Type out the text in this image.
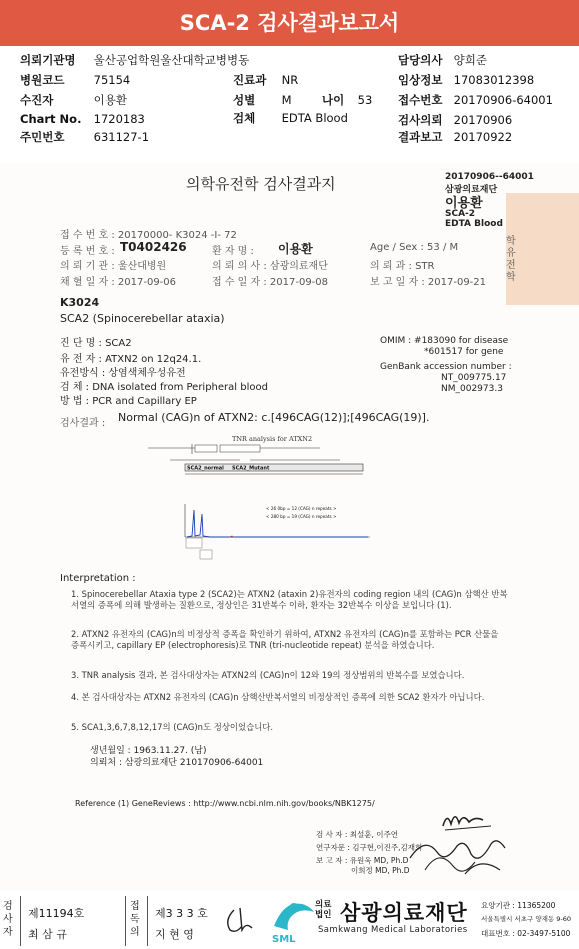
SCA-2 검사결과보고서
의뢰기관명 울산공업학원울산대학교병병동	담당의사 양희준
병원코드	75154	진료과 NR	임상정보 17083012398
수진자	이용환	성별 M	나이 53 접수번호 20170906-64001
Chart No. 1720183	검체 EDTA Blood	검사의뢰 20170906
주민번호	631127-1	결과보고 20170922
의학유전학 검사결과지	20170906--64001
삼광의료재단
이용환
SCA-2
EDTA Blood
접 수 번 호 : 20170000- K3024 -I- 72
등 록 번 호 : T0402426	환 자 명 : 이용환	Age / Sex : 53 / M
학
유
전
학
의 뢰 기 관 : 울산대병원	의 뢰 의 사 : 삼광의료재단	의 뢰 과 : STR
채 혈 일 자 : 2017-09-06	접 수 일 자 : 2017-09-08	보 고 일 자 : 2017-09-21
K3024
SCA2 (Spinocerebellar ataxia)
진 단 명 : SCA2
유 전 자 : ATXN2 on 12q24.1.
유전방식 : 상염색체우성유전
검 체 : DNA isolated from Peripheral blood
방 법 : PCR and Capillary EP
OMIM : #183090 for disease
*601517 for gene
GenBank accession number :
NT_009775.17
NM_002973.3
검사결과 : Normal (CAG)n of ATXN2: c.[496CAG(12)];[496CAG(19)].
TNR analysis for ATXN2
SCA2_normal SCA2_Mutant
< 26 0bp = 12 (CAG) n repeats >
< 280 bp = 19 (CAG) n repeats >
Interpretation :

1. Spinocerebellar Ataxia type 2 (SCA2)는 ATXN2 (ataxin 2)유전자의 coding region 내의 (CAG)n 삼핵산 반복서열의 증폭에 의해 발생하는 질환으로, 정상인은 31반복수 이하, 환자는 32반복수 이상을 보입니다 (1).

2. ATXN2 유전자의 (CAG)n의 비정상적 증폭을 확인하기 위하여, ATXN2 유전자의 (CAG)n를 포함하는 PCR 산물을 증폭시키고, capillary EP (electrophoresis)로 TNR (tri-nucleotide repeat) 분석을 하였습니다.

3. TNR analysis 결과, 본 검사대상자는 ATXN2의 (CAG)n이 12와 19의 정상범위의 반복수를 보였습니다.

4. 본 검사대상자는 ATXN2 유전자의 (CAG)n 삼핵산반복서열의 비정상적인 증폭에 의한 SCA2 환자가 아닙니다.

5. SCA1,3,6,7,8,12,17의 (CAG)n도 정상이었습니다.

생년월일 : 1963.11.27. (남)
의뢰처 : 삼광의료재단 210170906-64001
Reference (1) GeneReviews : http://www.ncbi.nlm.nih.gov/books/NBK1275/
검 사 자 : 최설훈, 이주연
연구자문 : 김구현,이진주,김재희
보 고 자 : 유원욱 MD, Ph.D
이희정 MD, Ph.D
검
사
자
제11194호
최 삼 규
접
독
의
제3 3 3 호
지 현 영	SML
의료
법인 삼광의료재단
Samkwang Medical Laboratories
요양기관 : 11365200
서울특별시 서초구 양재동 9-60
대표번호 : 02-3497-5100
